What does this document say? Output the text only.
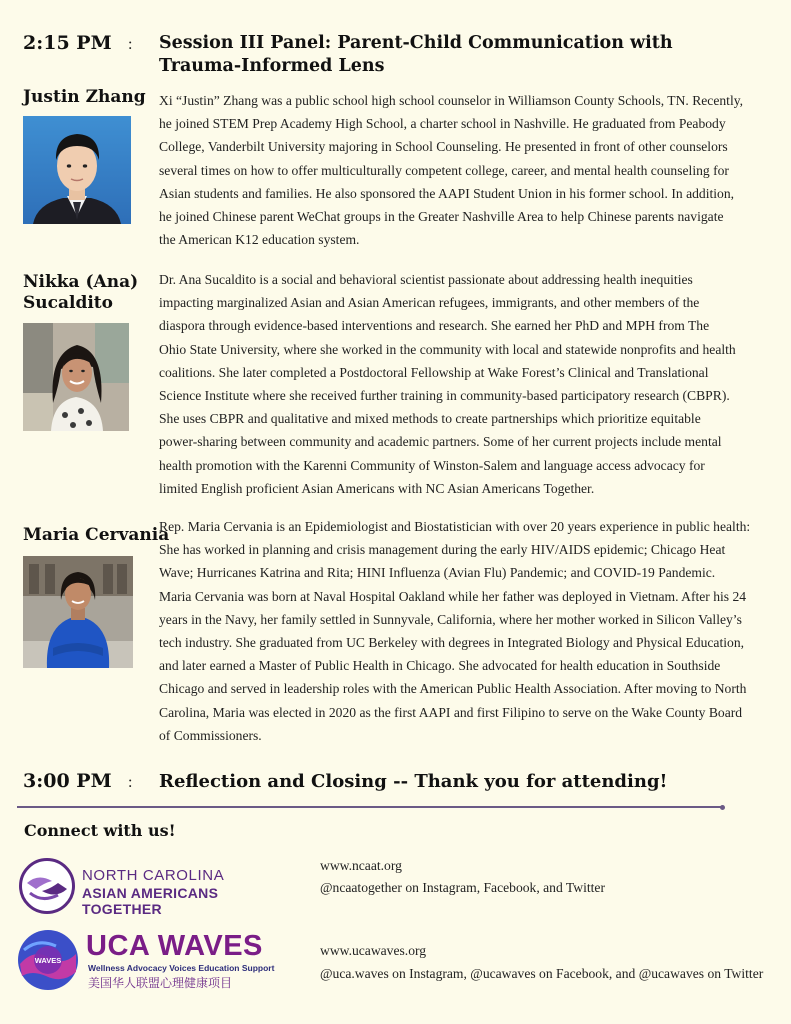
2:15 PM : Session III Panel: Parent-Child Communication with
Trauma-Informed Lens
Justin Zhang Xi “Justin” Zhang was a public school high school counselor in Williamson County Schools, TN. Recently,
he joined STEM Prep Academy High School, a charter school in Nashville. He graduated from Peabody
College, Vanderbilt University majoring in School Counseling. He presented in front of other counselors
several times on how to offer multiculturally competent college, career, and mental health counseling for
Asian students and families. He also sponsored the AAPI Student Union in his former school. In addition,
he joined Chinese parent WeChat groups in the Greater Nashville Area to help Chinese parents navigate
the American K12 education system.
Nikka (Ana)
Sucaldito
Dr. Ana Sucaldito is a social and behavioral scientist passionate about addressing health inequities
impacting marginalized Asian and Asian American refugees, immigrants, and other members of the
diaspora through evidence-based interventions and research. She earned her PhD and MPH from The
Ohio State University, where she worked in the community with local and statewide nonprofits and health
coalitions. She later completed a Postdoctoral Fellowship at Wake Forest’s Clinical and Translational
Science Institute where she received further training in community-based participatory research (CBPR).
She uses CBPR and qualitative and mixed methods to create partnerships which prioritize equitable
power-sharing between community and academic partners. Some of her current projects include mental
health promotion with the Karenni Community of Winston-Salem and language access advocacy for
limited English proficient Asian Americans with NC Asian Americans Together.
Maria Cervania
Rep. Maria Cervania is an Epidemiologist and Biostatistician with over 20 years experience in public health:
She has worked in planning and crisis management during the early HIV/AIDS epidemic; Chicago Heat
Wave; Hurricanes Katrina and Rita; HINI Influenza (Avian Flu) Pandemic; and COVID-19 Pandemic.
Maria Cervania was born at Naval Hospital Oakland while her father was deployed in Vietnam. After his 24
years in the Navy, her family settled in Sunnyvale, California, where her mother worked in Silicon Valley’s
tech industry. She graduated from UC Berkeley with degrees in Integrated Biology and Physical Education,
and later earned a Master of Public Health in Chicago. She advocated for health education in Southside
Chicago and served in leadership roles with the American Public Health Association. After moving to North
Carolina, Maria was elected in 2020 as the first AAPI and first Filipino to serve on the Wake County Board
of Commissioners.
3:00 PM : Reflection and Closing -- Thank you for attending!
Connect with us!
NORTH CAROLINA
ASIAN AMERICANS TOGETHER
www.ncaat.org
@ncaatogether on Instagram, Facebook, and Twitter
WAVES UCA WAVES
Wellness Advocacy Voices Education Support
美国华人联盟心理健康项目
www.ucawaves.org
@uca.waves on Instagram, @ucawaves on Facebook, and @ucawaves on Twitter
